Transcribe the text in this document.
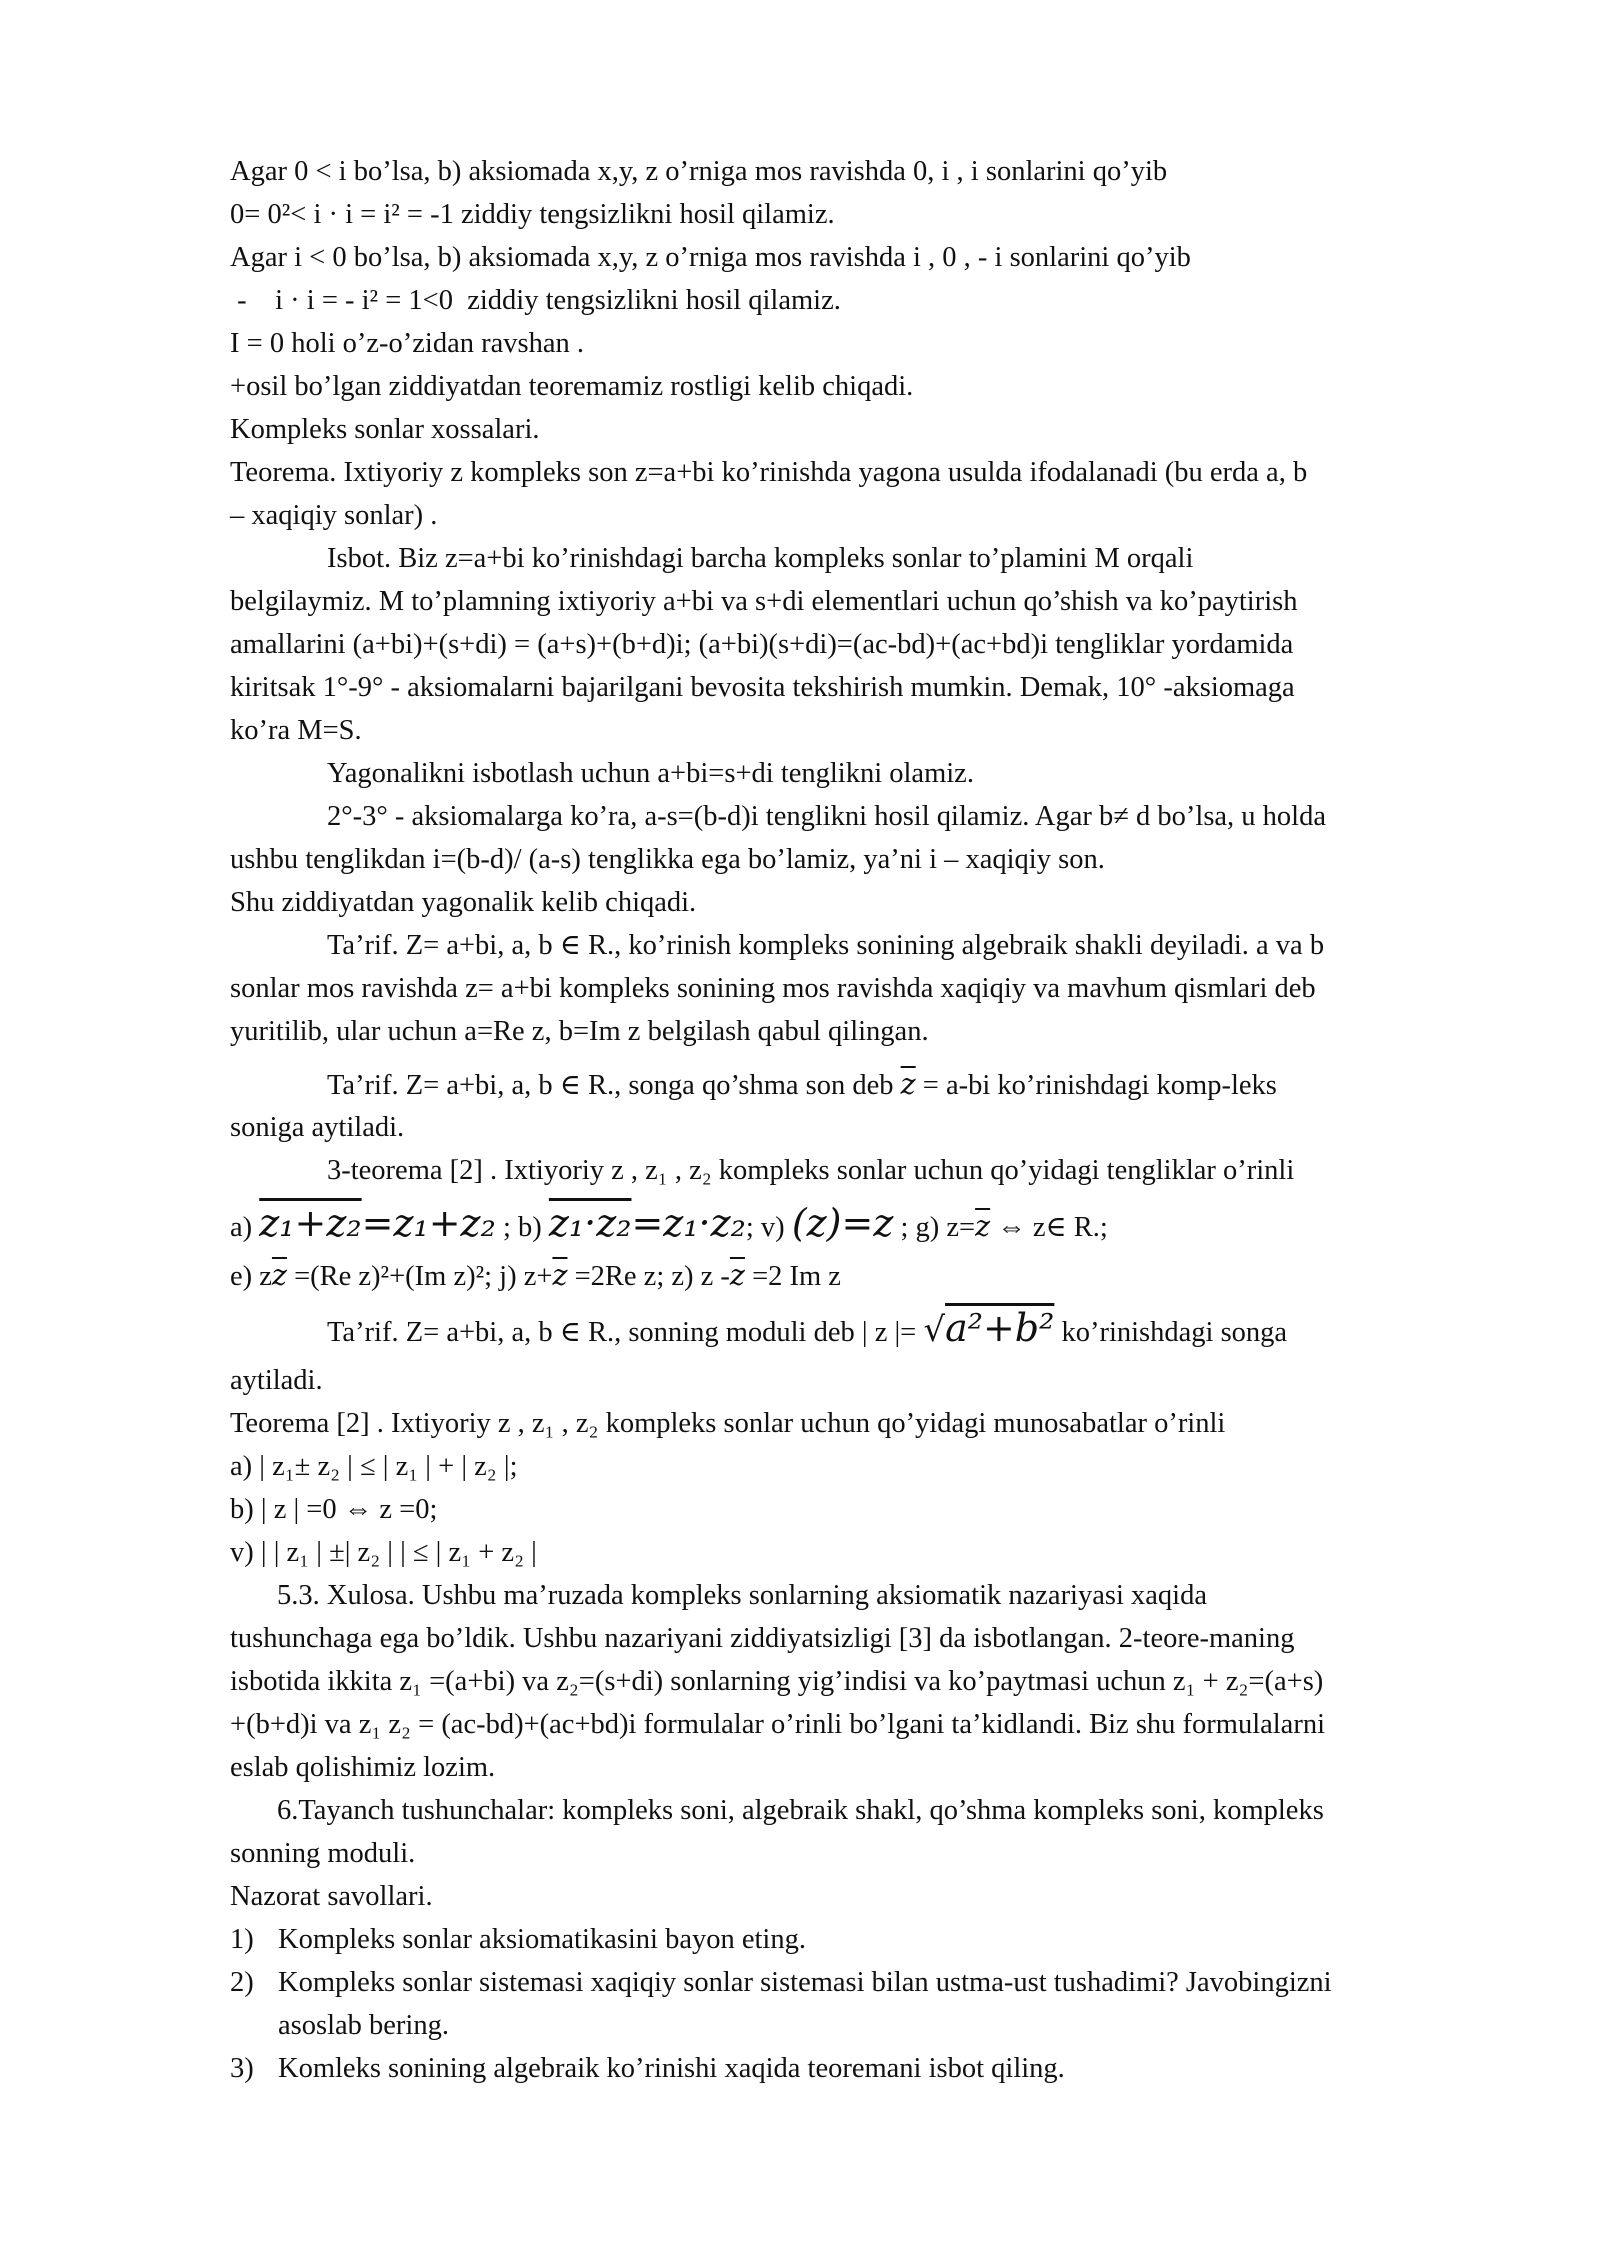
Agar 0 < i bo’lsa, b) aksiomada x,y, z o’rniga mos ravishda 0, i , i sonlarini qo’yib
0= 0²< i · i = i² = -1 ziddiy tengsizlikni hosil qilamiz.
Agar i < 0 bo’lsa, b) aksiomada x,y, z o’rniga mos ravishda i , 0 , - i sonlarini qo’yib
-    i · i = - i² = 1<0  ziddiy tengsizlikni hosil qilamiz.
I = 0 holi o’z-o’zidan ravshan .
+osil bo’lgan ziddiyatdan teoremamiz rostligi kelib chiqadi.
Kompleks sonlar xossalari.
Teorema. Ixtiyoriy z kompleks son z=a+bi ko’rinishda yagona usulda ifodalanadi (bu erda a, b
– xaqiqiy sonlar) .
Isbot. Biz z=a+bi ko’rinishdagi barcha kompleks sonlar to’plamini M orqali
belgilaymiz. M to’plamning ixtiyoriy a+bi va s+di elementlari uchun qo’shish va ko’paytirish
amallarini (a+bi)+(s+di) = (a+s)+(b+d)i; (a+bi)(s+di)=(ac-bd)+(ac+bd)i tengliklar yordamida
kiritsak 1°-9° - aksiomalarni bajarilgani bevosita tekshirish mumkin. Demak, 10° -aksiomaga
ko’ra M=S.
Yagonalikni isbotlash uchun a+bi=s+di tenglikni olamiz.
2°-3° - aksiomalarga ko’ra, a-s=(b-d)i tenglikni hosil qilamiz. Agar b≠ d bo’lsa, u holda
ushbu tenglikdan i=(b-d)/ (a-s) tenglikka ega bo’lamiz, ya’ni i – xaqiqiy son.
Shu ziddiyatdan yagonalik kelib chiqadi.
Ta’rif. Z= a+bi, a, b ∈ R., ko’rinish kompleks sonining algebraik shakli deyiladi. a va b
sonlar mos ravishda z= a+bi kompleks sonining mos ravishda xaqiqiy va mavhum qismlari deb
yuritilib, ular uchun a=Re z, b=Im z belgilash qabul qilingan.
Ta’rif. Z= a+bi, a, b ∈ R., songa qo’shma son deb $\overline{z} = a-bi$ ko’rinishdagi komp-leks
soniga aytiladi.
3-teorema [2] . Ixtiyoriy z , z₁ , z₂ kompleks sonlar uchun qo’yidagi tengliklar o’rinli
a) z₁+z₂=z₁+z₂ ; b) z₁·z₂=z₁·z₂; v) (z)=z ; g) $z=\overline{z}$ ⇔ z∈ R.;
e) $z\overline{z} =(Re$ z)²+(Im z)²; j) $z+\overline{z} =2Re$ z; z) z $-\overline{z} =2$ Im z
Ta’rif. Z= a+bi, a, b ∈ R., sonning moduli deb | z |= √a²+b² ko’rinishdagi songa
aytiladi.
Teorema [2] . Ixtiyoriy z , z₁ , z₂ kompleks sonlar uchun qo’yidagi munosabatlar o’rinli
a) | z₁± z₂ | ≤ | z₁ | + | z₂ |;
b) | z | =0 ⇔ z =0;
v) | | z₁ | ±| z₂ | | ≤ | z₁ + z₂ |
5.3. Xulosa. Ushbu ma’ruzada kompleks sonlarning aksiomatik nazariyasi xaqida
tushunchaga ega bo’ldik. Ushbu nazariyani ziddiyatsizligi [3] da isbotlangan. 2-teore-maning
isbotida ikkita z₁ =(a+bi) va z₂=(s+di) sonlarning yig’indisi va ko’paytmasi uchun z₁ + z₂=(a+s)
+(b+d)i va z₁ z₂ = (ac-bd)+(ac+bd)i formulalar o’rinli bo’lgani ta’kidlandi. Biz shu formulalarni
eslab qolishimiz lozim.
6.Tayanch tushunchalar: kompleks soni, algebraik shakl, qo’shma kompleks soni, kompleks
sonning moduli.
Nazorat savollari.
1) Kompleks sonlar aksiomatikasini bayon eting.
2) Kompleks sonlar sistemasi xaqiqiy sonlar sistemasi bilan ustma-ust tushadimi? Javobingizni
asoslab bering.
3) Komleks sonining algebraik ko’rinishi xaqida teoremani isbot qiling.
